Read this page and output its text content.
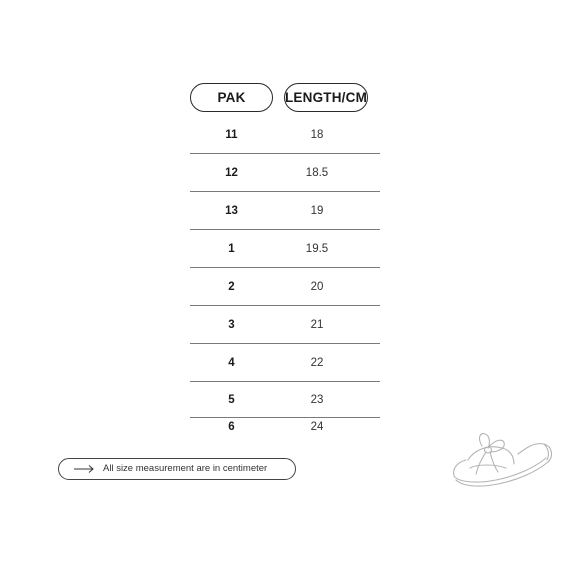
PAK	LENGTH/CM
11	18
12	18.5
13	19
1	19.5
2	20
3	21
4	22
5	23
6	24
All size measurement are in centimeter
